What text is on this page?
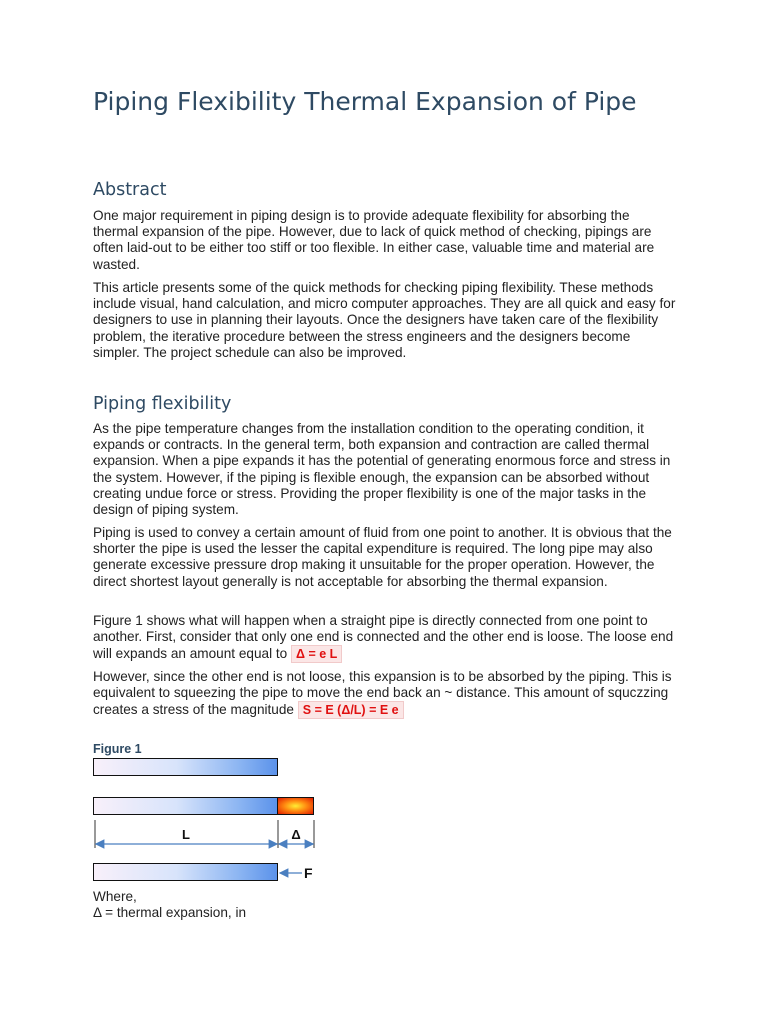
Piping Flexibility Thermal Expansion of Pipe
Abstract

One major requirement in piping design is to provide adequate flexibility for absorbing the thermal expansion of the pipe. However, due to lack of quick method of checking, pipings are often laid-out to be either too stiff or too flexible. In either case, valuable time and material are wasted.

This article presents some of the quick methods for checking piping flexibility. These methods include visual, hand calculation, and micro computer approaches. They are all quick and easy for designers to use in planning their layouts. Once the designers have taken care of the flexibility problem, the iterative procedure between the stress engineers and the designers become simpler. The project schedule can also be improved.

Piping flexibility

As the pipe temperature changes from the installation condition to the operating condition, it expands or contracts. In the general term, both expansion and contraction are called thermal expansion. When a pipe expands it has the potential of generating enormous force and stress in the system. However, if the piping is flexible enough, the expansion can be absorbed without creating undue force or stress. Providing the proper flexibility is one of the major tasks in the design of piping system.

Piping is used to convey a certain amount of fluid from one point to another. It is obvious that the shorter the pipe is used the lesser the capital expenditure is required. The long pipe may also generate excessive pressure drop making it unsuitable for the proper operation. However, the direct shortest layout generally is not acceptable for absorbing the thermal expansion.

Figure 1 shows what will happen when a straight pipe is directly connected from one point to another. First, consider that only one end is connected and the other end is loose. The loose end will expands an amount equal to Δ = e L

However, since the other end is not loose, this expansion is to be absorbed by the piping. This is equivalent to squeezing the pipe to move the end back an ~ distance. This amount of squczzing creates a stress of the magnitude S = E (Δ/L) = E e

Figure 1

Where,
Δ = thermal expansion, in

L	Δ
F
